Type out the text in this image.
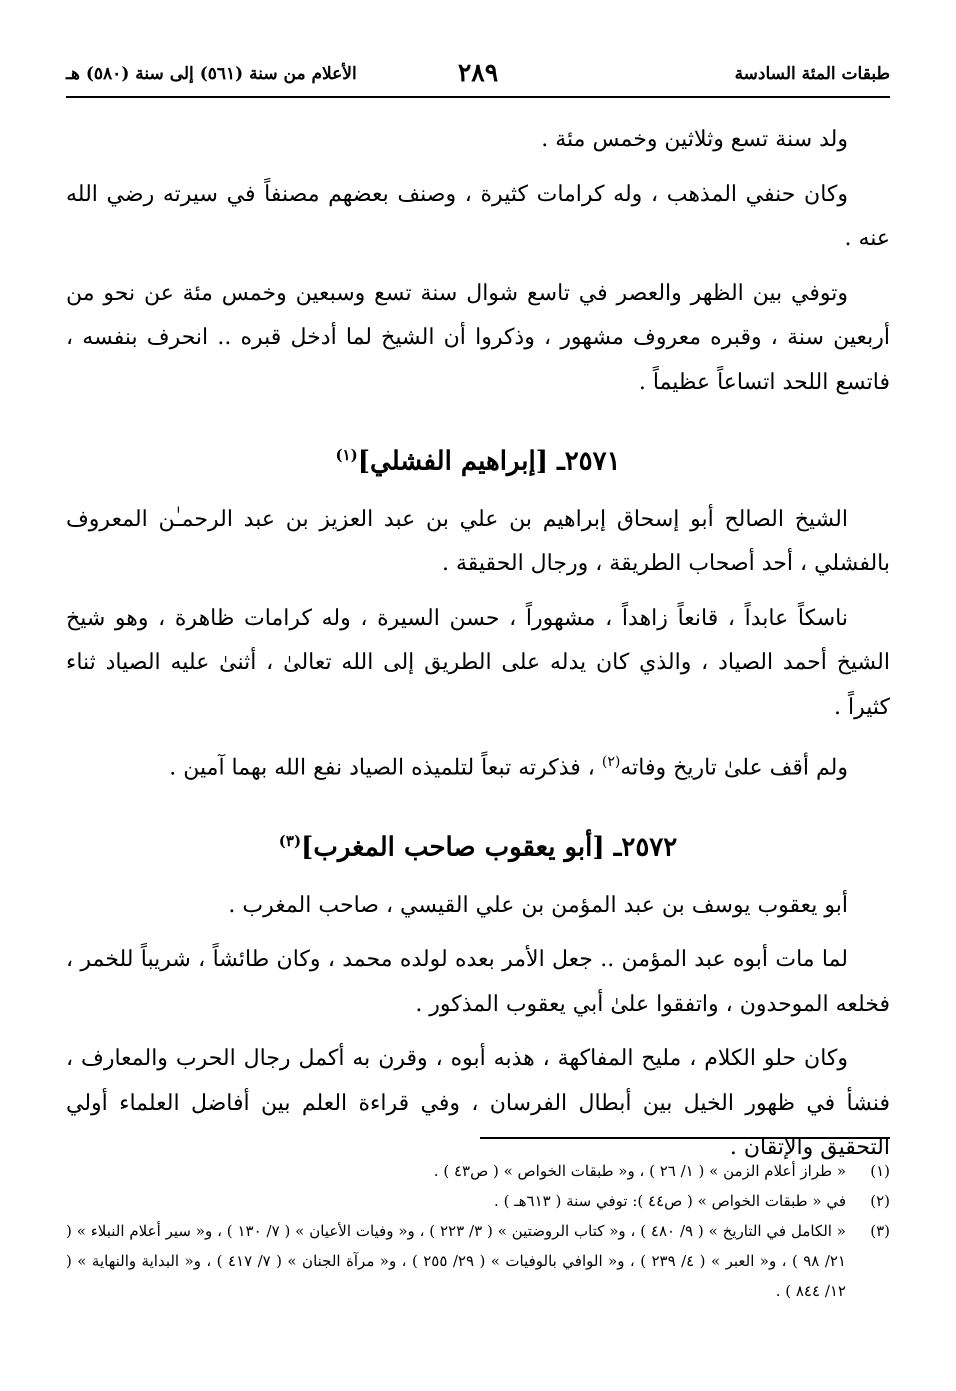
طبقات المئة السادسة
٢٨٩
الأعلام من سنة (٥٦١) إلى سنة (٥٨٠) هـ

ولد سنة تسع وثلاثين وخمس مئة .

وكان حنفي المذهب ، وله كرامات كثيرة ، وصنف بعضهم مصنفاً في سيرته رضي الله عنه .

وتوفي بين الظهر والعصر في تاسع شوال سنة تسع وسبعين وخمس مئة عن نحو من أربعين سنة ، وقبره معروف مشهور ، وذكروا أن الشيخ لما أدخل قبره .. انحرف بنفسه ، فاتسع اللحد اتساعاً عظيماً .

٢٥٧١ـ [إبراهيم الفشلي]$^{(١)}$

الشيخ الصالح أبو إسحاق إبراهيم بن علي بن عبد العزيز بن عبد الرحمـٰن المعروف بالفشلي ، أحد أصحاب الطريقة ، ورجال الحقيقة .

ناسكاً عابداً ، قانعاً زاهداً ، مشهوراً ، حسن السيرة ، وله كرامات ظاهرة ، وهو شيخ الشيخ أحمد الصياد ، والذي كان يدله على الطريق إلى الله تعالىٰ ، أثنىٰ عليه الصياد ثناء كثيراً .

ولم أقف علىٰ تاريخ وفاته$^{(٢)}$ ، فذكرته تبعاً لتلميذه الصياد نفع الله بهما آمين .

٢٥٧٢ـ [أبو يعقوب صاحب المغرب]$^{(٣)}$

أبو يعقوب يوسف بن عبد المؤمن بن علي القيسي ، صاحب المغرب .

لما مات أبوه عبد المؤمن .. جعل الأمر بعده لولده محمد ، وكان طائشاً ، شريباً للخمر ، فخلعه الموحدون ، واتفقوا علىٰ أبي يعقوب المذكور .

وكان حلو الكلام ، مليح المفاكهة ، هذبه أبوه ، وقرن به أكمل رجال الحرب والمعارف ، فنشأ في ظهور الخيل بين أبطال الفرسان ، وفي قراءة العلم بين أفاضل العلماء أولي التحقيق والإتقان .

(١)
« طراز أعلام الزمن » ( ١/ ٢٦ ) ، و« طبقات الخواص » ( ص٤٣ ) .
(٢)
في « طبقات الخواص » ( ص٤٤ ): توفي سنة ( ٦١٣هـ ) .
(٣)
« الكامل في التاريخ » ( ٩/ ٤٨٠ ) ، و« كتاب الروضتين » ( ٣/ ٢٢٣ ) ، و« وفيات الأعيان » ( ٧/ ١٣٠ ) ، و« سير أعلام النبلاء » ( ٢١/ ٩٨ ) ، و« العبر » ( ٤/ ٢٣٩ ) ، و« الوافي بالوفيات » ( ٢٩/ ٢٥٥ ) ، و« مرآة الجنان » ( ٧/ ٤١٧ ) ، و« البداية والنهاية » ( ١٢/ ٨٤٤ ) .
